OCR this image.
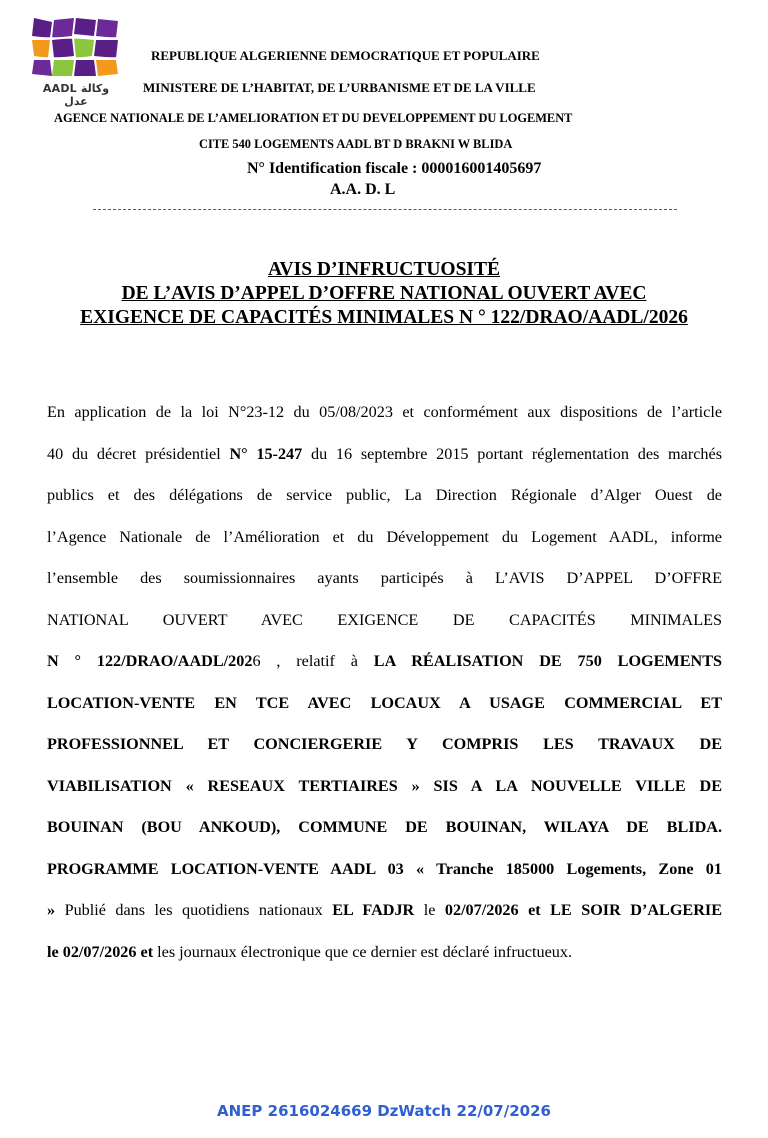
AADL وكالة عدل
REPUBLIQUE ALGERIENNE DEMOCRATIQUE ET POPULAIRE
MINISTERE DE L’HABITAT, DE L’URBANISME ET DE LA VILLE
AGENCE NATIONALE DE L’AMELIORATION ET DU DEVELOPPEMENT DU LOGEMENT
CITE 540 LOGEMENTS AADL BT D BRAKNI W BLIDA
N° Identification fiscale : 000016001405697
A.A. D. L
AVIS D’INFRUCTUOSITÉ
DE L’AVIS D’APPEL D’OFFRE NATIONAL OUVERT AVEC
EXIGENCE DE CAPACITÉS MINIMALES N ° 122/DRAO/AADL/2026
En application de la loi N°23-12 du 05/08/2023 et conformément aux dispositions de l’article
40 du décret présidentiel N° 15-247 du 16 septembre 2015 portant réglementation des marchés
publics et des délégations de service public, La Direction Régionale d’Alger Ouest de
l’Agence Nationale de l’Amélioration et du Développement du Logement AADL, informe
l’ensemble des soumissionnaires ayants participés à L’AVIS D’APPEL D’OFFRE
NATIONAL OUVERT AVEC EXIGENCE DE CAPACITÉS MINIMALES
N ° 122/DRAO/AADL/2026 , relatif à LA RÉALISATION DE 750 LOGEMENTS
LOCATION-VENTE EN TCE AVEC LOCAUX A USAGE COMMERCIAL ET
PROFESSIONNEL ET CONCIERGERIE Y COMPRIS LES TRAVAUX DE
VIABILISATION « RESEAUX TERTIAIRES » SIS A LA NOUVELLE VILLE DE
BOUINAN (BOU ANKOUD), COMMUNE DE BOUINAN, WILAYA DE BLIDA.
PROGRAMME LOCATION-VENTE AADL 03 « Tranche 185000 Logements, Zone 01
» Publié dans les quotidiens nationaux EL FADJR le 02/07/2026 et LE SOIR D’ALGERIE
le 02/07/2026 et les journaux électronique que ce dernier est déclaré infructueux.
ANEP 2616024669 DzWatch 22/07/2026
